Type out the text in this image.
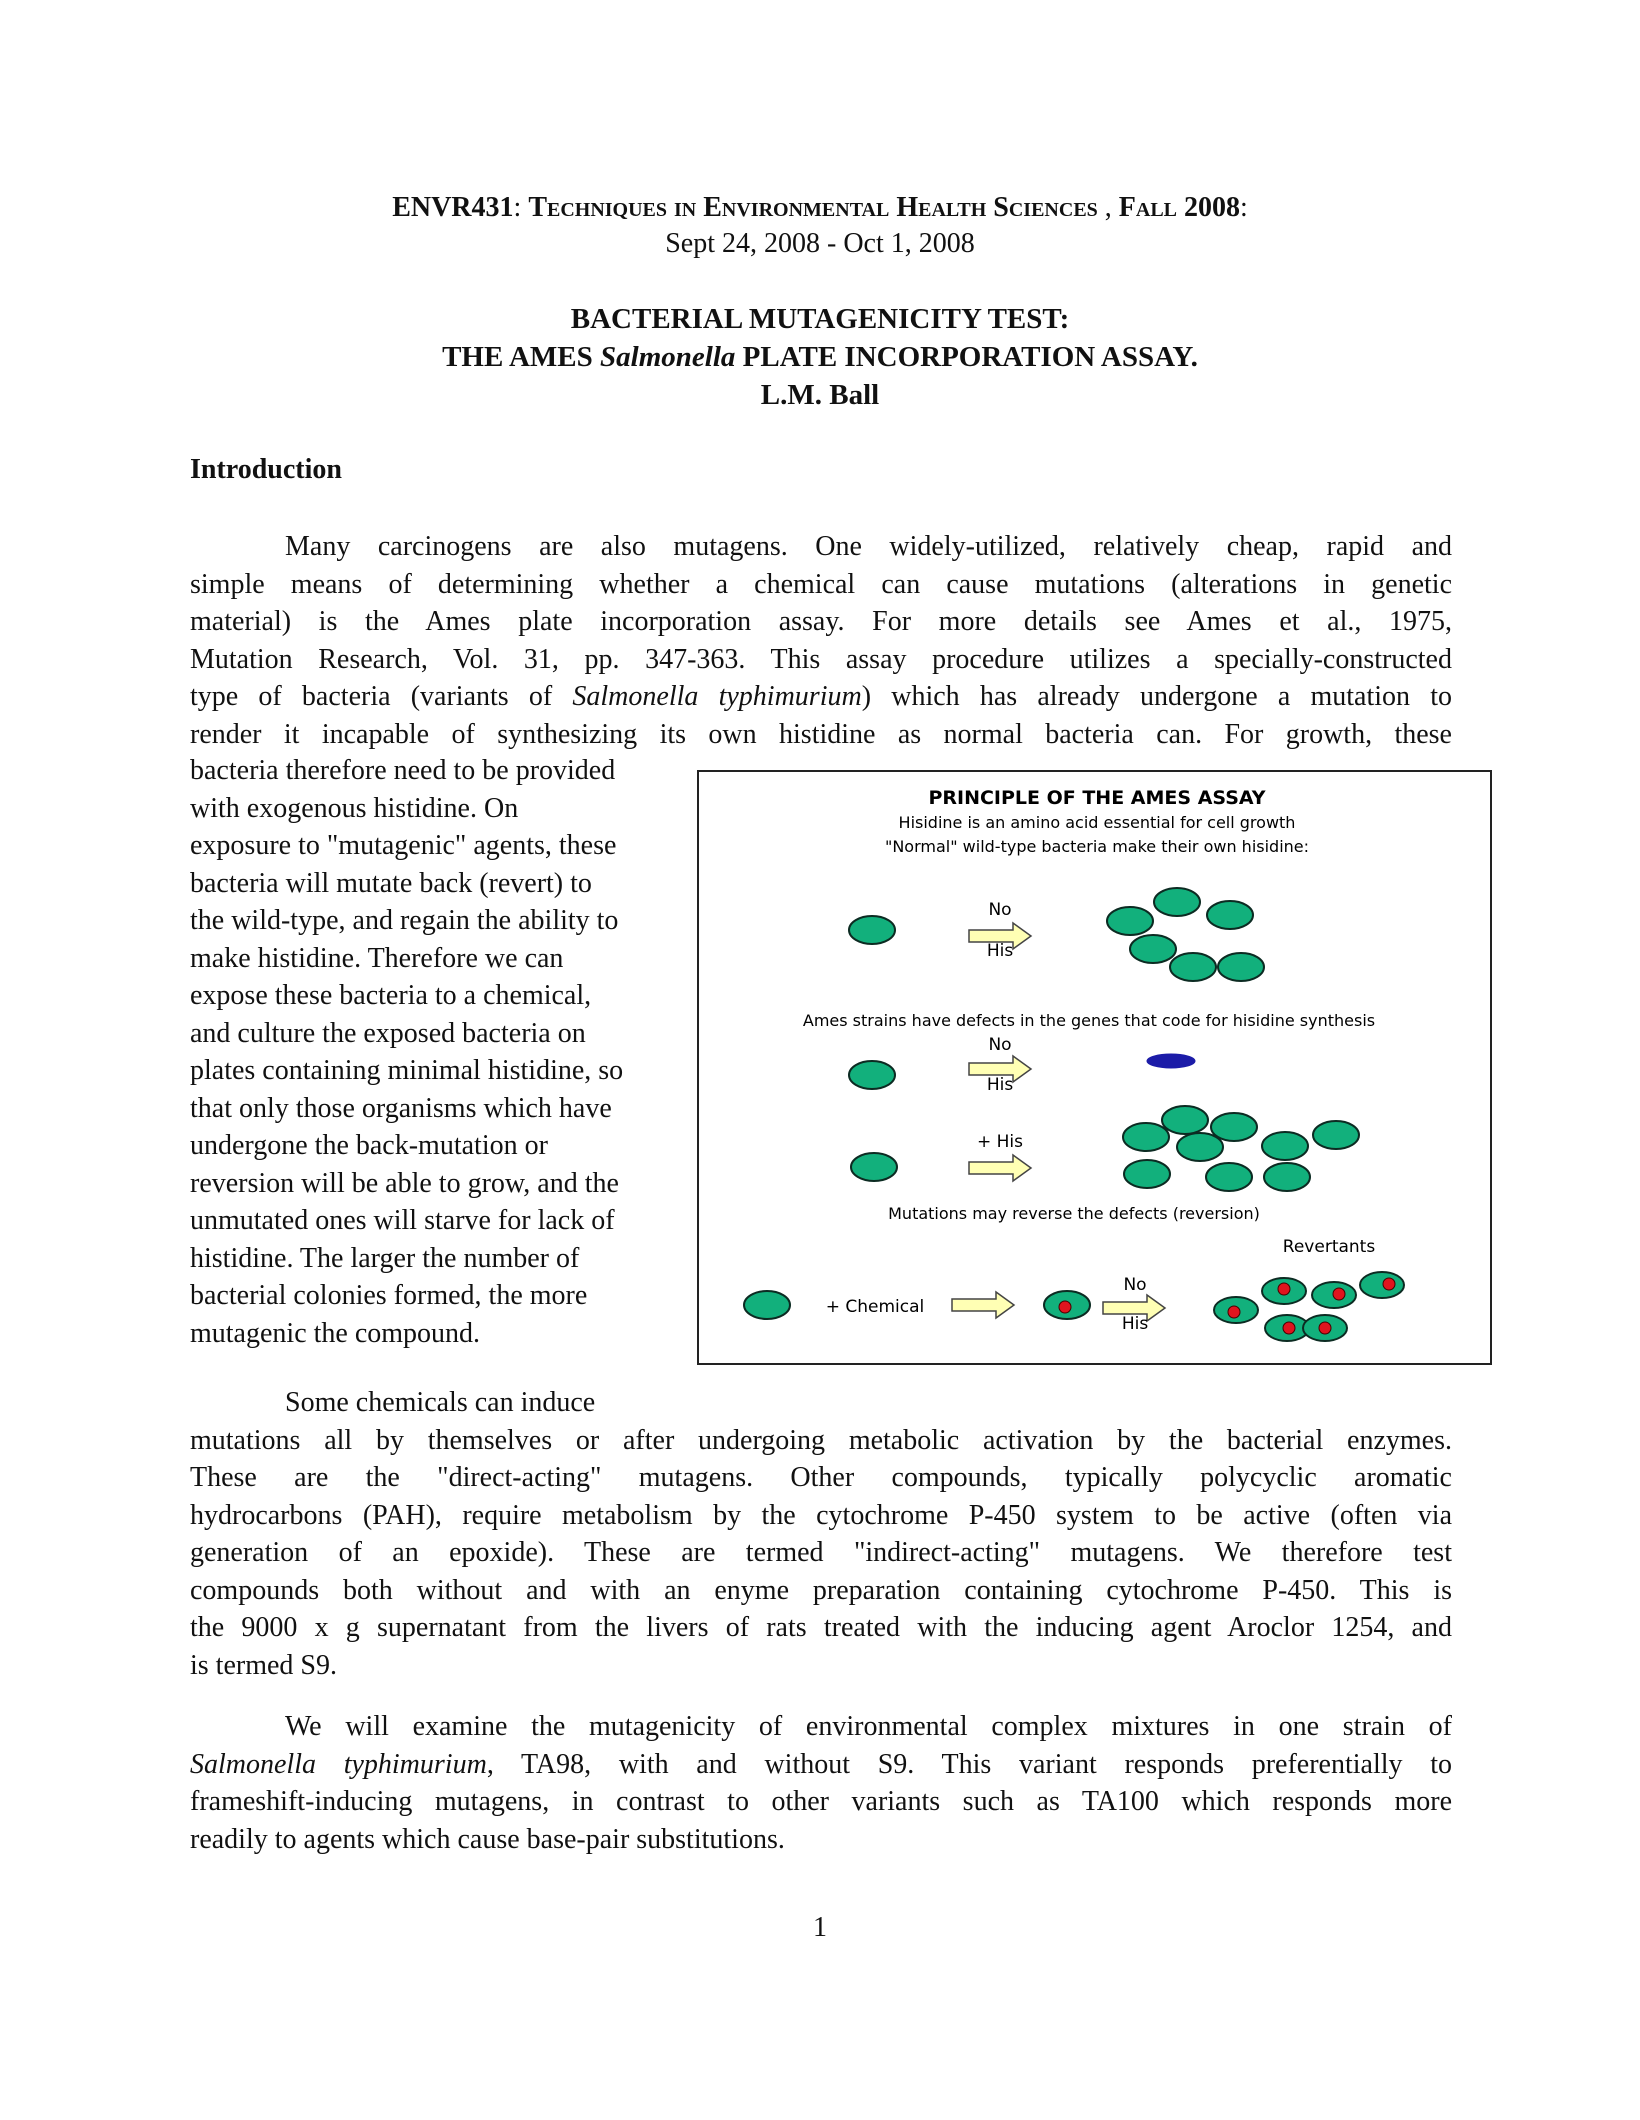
ENVR431: Techniques in Environmental Health Sciences , Fall 2008:
Sept 24, 2008 - Oct 1, 2008
BACTERIAL MUTAGENICITY TEST:
THE AMES Salmonella PLATE INCORPORATION ASSAY.
L.M. Ball
Introduction
Many carcinogens are also mutagens. One widely-utilized, relatively cheap, rapid and
simple means of determining whether a chemical can cause mutations (alterations in genetic
material) is the Ames plate incorporation assay. For more details see Ames et al., 1975,
Mutation Research, Vol. 31, pp. 347-363. This assay procedure utilizes a specially-constructed
type of bacteria (variants of Salmonella typhimurium) which has already undergone a mutation to
render it incapable of synthesizing its own histidine as normal bacteria can. For growth, these
bacteria therefore need to be provided
with exogenous histidine. On
exposure to "mutagenic" agents, these
bacteria will mutate back (revert) to
the wild-type, and regain the ability to
make histidine. Therefore we can
expose these bacteria to a chemical,
and culture the exposed bacteria on
plates containing minimal histidine, so
that only those organisms which have
undergone the back-mutation or
reversion will be able to grow, and the
unmutated ones will starve for lack of
histidine. The larger the number of
bacterial colonies formed, the more
mutagenic the compound.
PRINCIPLE OF THE AMES ASSAY
Hisidine is an amino acid essential for cell growth
"Normal" wild-type bacteria make their own hisidine:
No
His
Ames strains have defects in the genes that code for hisidine synthesis
No
His
+ His
Mutations may reverse the defects (reversion)
Revertants
+ Chemical
No
His
Some chemicals can induce
mutations all by themselves or after undergoing metabolic activation by the bacterial enzymes.
These are the "direct-acting" mutagens. Other compounds, typically polycyclic aromatic
hydrocarbons (PAH), require metabolism by the cytochrome P-450 system to be active (often via
generation of an epoxide). These are termed "indirect-acting" mutagens. We therefore test
compounds both without and with an enyme preparation containing cytochrome P-450. This is
the 9000 x g supernatant from the livers of rats treated with the inducing agent Aroclor 1254, and
is termed S9.
We will examine the mutagenicity of environmental complex mixtures in one strain of
Salmonella typhimurium, TA98, with and without S9. This variant responds preferentially to
frameshift-inducing mutagens, in contrast to other variants such as TA100 which responds more
readily to agents which cause base-pair substitutions.
1
